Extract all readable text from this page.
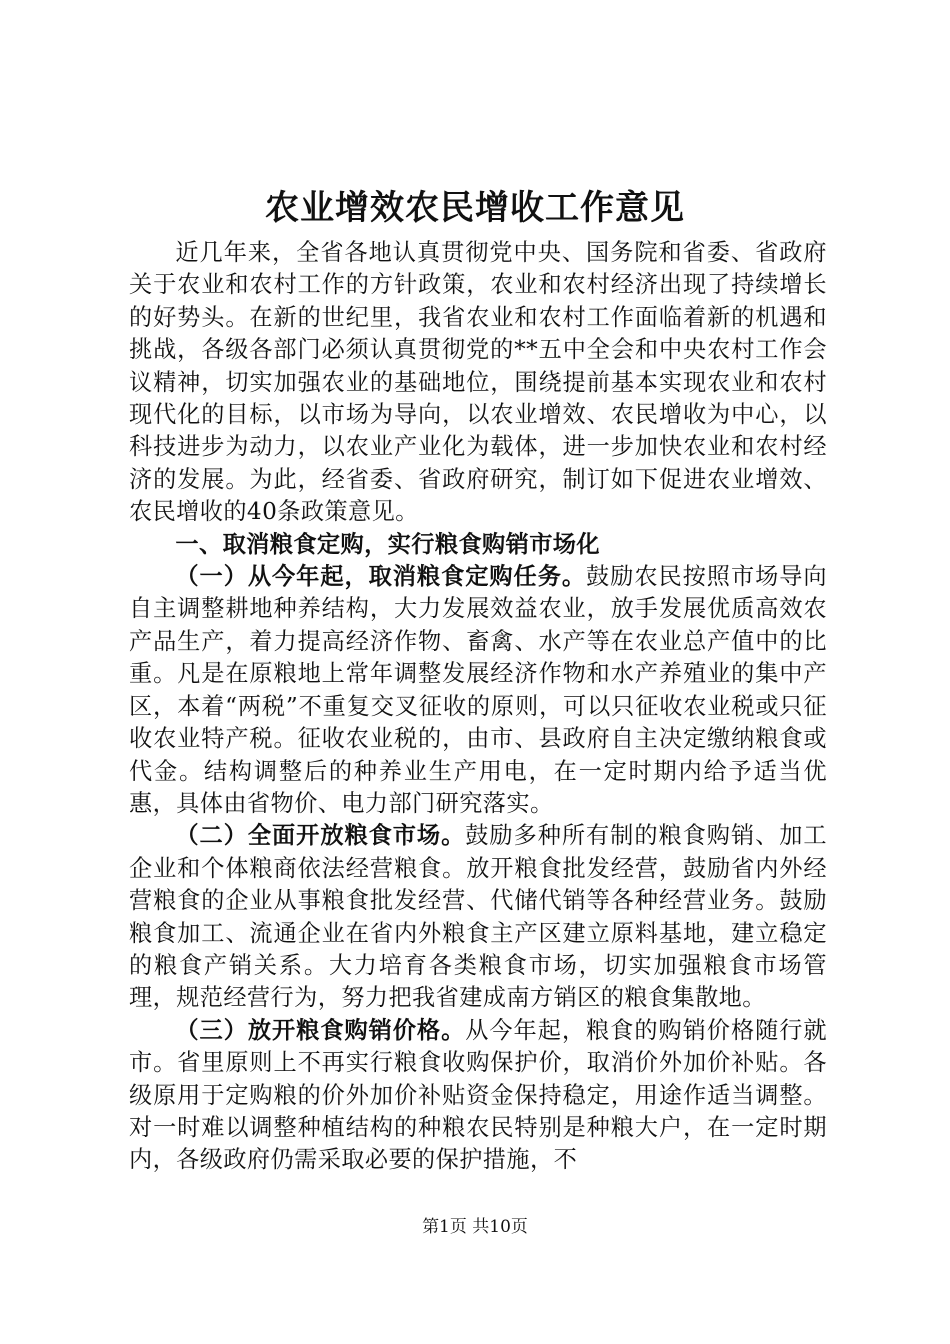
农业增效农民增收工作意见

近几年来，全省各地认真贯彻党中央、国务院和省委、省政府关于农业和农村工作的方针政策，农业和农村经济出现了持续增长的好势头。在新的世纪里，我省农业和农村工作面临着新的机遇和挑战，各级各部门必须认真贯彻党的**五中全会和中央农村工作会议精神，切实加强农业的基础地位，围绕提前基本实现农业和农村现代化的目标，以市场为导向，以农业增效、农民增收为中心，以科技进步为动力，以农业产业化为载体，进一步加快农业和农村经济的发展。为此，经省委、省政府研究，制订如下促进农业增效、农民增收的40条政策意见。

一、取消粮食定购，实行粮食购销市场化

（一）从今年起，取消粮食定购任务。鼓励农民按照市场导向自主调整耕地种养结构，大力发展效益农业，放手发展优质高效农产品生产，着力提高经济作物、畜禽、水产等在农业总产值中的比重。凡是在原粮地上常年调整发展经济作物和水产养殖业的集中产区，本着“两税”不重复交叉征收的原则，可以只征收农业税或只征收农业特产税。征收农业税的，由市、县政府自主决定缴纳粮食或代金。结构调整后的种养业生产用电，在一定时期内给予适当优惠，具体由省物价、电力部门研究落实。

（二）全面开放粮食市场。鼓励多种所有制的粮食购销、加工企业和个体粮商依法经营粮食。放开粮食批发经营，鼓励省内外经营粮食的企业从事粮食批发经营、代储代销等各种经营业务。鼓励粮食加工、流通企业在省内外粮食主产区建立原料基地，建立稳定的粮食产销关系。大力培育各类粮食市场，切实加强粮食市场管理，规范经营行为，努力把我省建成南方销区的粮食集散地。

（三）放开粮食购销价格。从今年起，粮食的购销价格随行就市。省里原则上不再实行粮食收购保护价，取消价外加价补贴。各级原用于定购粮的价外加价补贴资金保持稳定，用途作适当调整。对一时难以调整种植结构的种粮农民特别是种粮大户，在一定时期内，各级政府仍需采取必要的保护措施，不

第1页 共10页
